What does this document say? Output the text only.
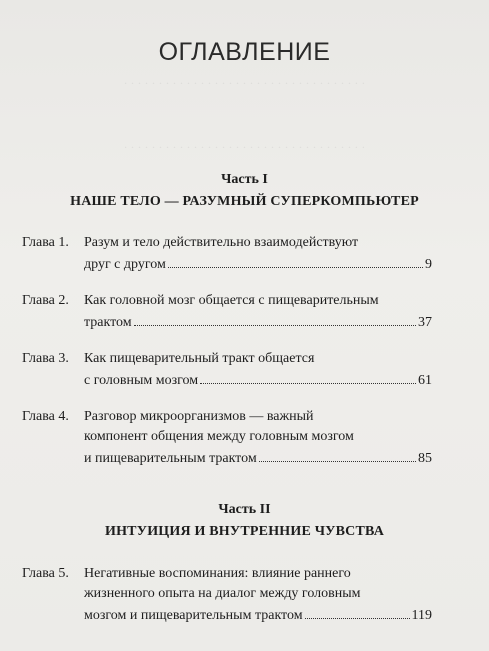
· · · · · · · · · · · · · · · · · · · · · · · · · · · · · · · · · · ·
· · · · · · · · · · · · · · · · · · · · · · · · · · · · · · · · · · ·
ОГЛАВЛЕНИЕ
Часть I
НАШЕ ТЕЛО — РАЗУМНЫЙ СУПЕРКОМПЬЮТЕР
Глава 1.	Разум и тело действительно взаимодействуют
друг с другом	9
Глава 2.	Как головной мозг общается с пищеварительным
трактом	37
Глава 3.	Как пищеварительный тракт общается
с головным мозгом	61
Глава 4.	Разговор микроорганизмов — важный
компонент общения между головным мозгом
и пищеварительным трактом	85
Часть II
ИНТУИЦИЯ И ВНУТРЕННИЕ ЧУВСТВА
Глава 5.	Негативные воспоминания: влияние раннего
жизненного опыта на диалог между головным
мозгом и пищеварительным трактом	119
